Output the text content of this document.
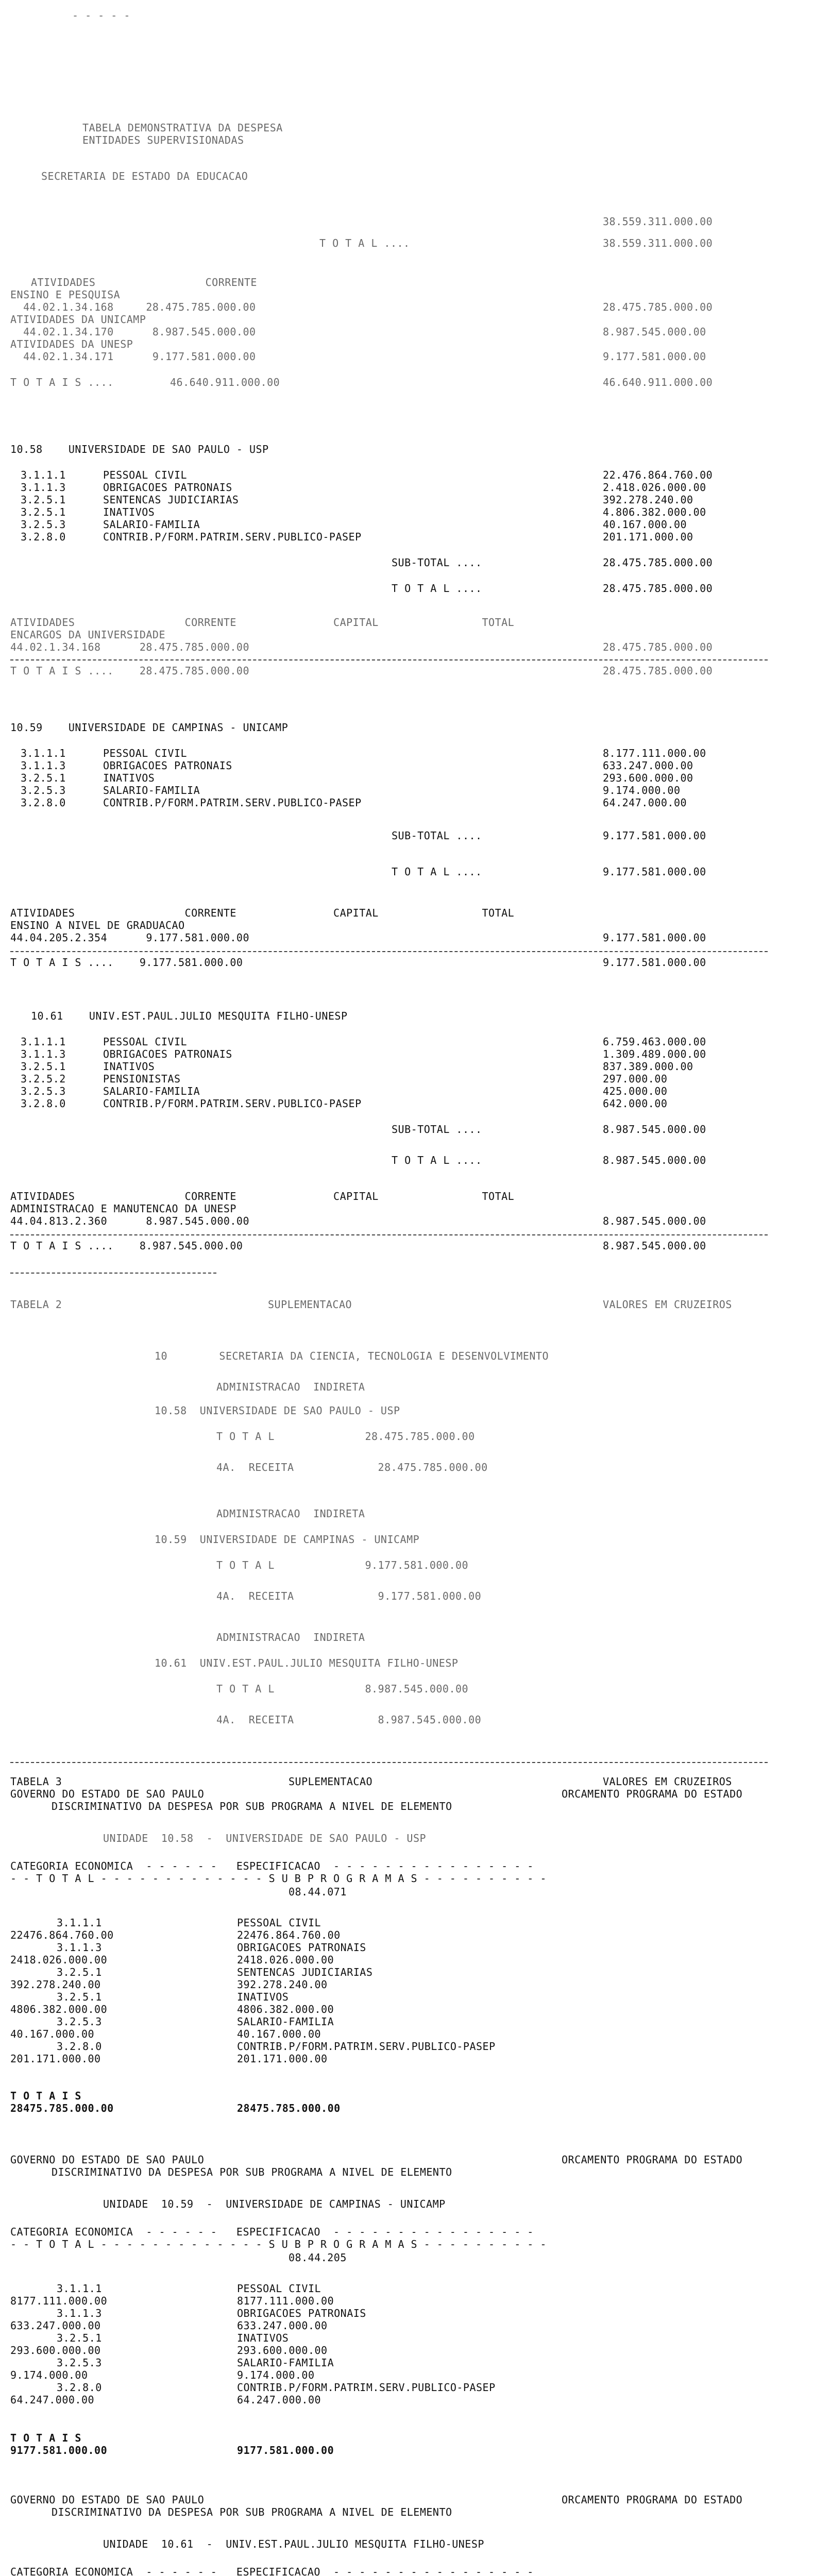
- - - - -
TABELA DEMONSTRATIVA DA DESPESA
ENTIDADES SUPERVISIONADAS
SECRETARIA DE ESTADO DA EDUCACAO
38.559.311.000.00
T O T A L ....	38.559.311.000.00
ATIVIDADES                 CORRENTE
ENSINO E PESQUISA
44.02.1.34.168     28.475.785.000.00	28.475.785.000.00
ATIVIDADES DA UNICAMP
44.02.1.34.170      8.987.545.000.00	8.987.545.000.00
ATIVIDADES DA UNESP
44.02.1.34.171      9.177.581.000.00	9.177.581.000.00
T O T A I S ....	46.640.911.000.00	46.640.911.000.00
10.58    UNIVERSIDADE DE SAO PAULO - USP
3.1.1.1	PESSOAL CIVIL	22.476.864.760.00
3.1.1.3	OBRIGACOES PATRONAIS	2.418.026.000.00
3.2.5.1	SENTENCAS JUDICIARIAS	392.278.240.00
3.2.5.1	INATIVOS	4.806.382.000.00
3.2.5.3	SALARIO-FAMILIA	40.167.000.00
3.2.8.0	CONTRIB.P/FORM.PATRIM.SERV.PUBLICO-PASEP	201.171.000.00
SUB-TOTAL ....	28.475.785.000.00
T O T A L ....	28.475.785.000.00
ATIVIDADES                 CORRENTE               CAPITAL                TOTAL
ENCARGOS DA UNIVERSIDADE
44.02.1.34.168      28.475.785.000.00	28.475.785.000.00
T O T A I S ....    28.475.785.000.00	28.475.785.000.00
10.59    UNIVERSIDADE DE CAMPINAS - UNICAMP
3.1.1.1	PESSOAL CIVIL	8.177.111.000.00
3.1.1.3	OBRIGACOES PATRONAIS	633.247.000.00
3.2.5.1	INATIVOS	293.600.000.00
3.2.5.3	SALARIO-FAMILIA	9.174.000.00
3.2.8.0	CONTRIB.P/FORM.PATRIM.SERV.PUBLICO-PASEP	64.247.000.00
SUB-TOTAL ....	9.177.581.000.00
T O T A L ....	9.177.581.000.00
ATIVIDADES                 CORRENTE               CAPITAL                TOTAL
ENSINO A NIVEL DE GRADUACAO
44.04.205.2.354      9.177.581.000.00	9.177.581.000.00
T O T A I S ....    9.177.581.000.00	9.177.581.000.00
10.61    UNIV.EST.PAUL.JULIO MESQUITA FILHO-UNESP
3.1.1.1	PESSOAL CIVIL	6.759.463.000.00
3.1.1.3	OBRIGACOES PATRONAIS	1.309.489.000.00
3.2.5.1	INATIVOS	837.389.000.00
3.2.5.2	PENSIONISTAS	297.000.00
3.2.5.3	SALARIO-FAMILIA	425.000.00
3.2.8.0	CONTRIB.P/FORM.PATRIM.SERV.PUBLICO-PASEP	642.000.00
SUB-TOTAL ....	8.987.545.000.00
T O T A L ....	8.987.545.000.00
ATIVIDADES                 CORRENTE               CAPITAL                TOTAL
ADMINISTRACAO E MANUTENCAO DA UNESP
44.04.813.2.360      8.987.545.000.00	8.987.545.000.00
T O T A I S ....    8.987.545.000.00	8.987.545.000.00
TABELA 2	SUPLEMENTACAO	VALORES EM CRUZEIROS
10        SECRETARIA DA CIENCIA, TECNOLOGIA E DESENVOLVIMENTO
ADMINISTRACAO  INDIRETA
10.58  UNIVERSIDADE DE SAO PAULO - USP
T O T A L              28.475.785.000.00
4A.  RECEITA             28.475.785.000.00
ADMINISTRACAO  INDIRETA
10.59  UNIVERSIDADE DE CAMPINAS - UNICAMP
T O T A L              9.177.581.000.00
4A.  RECEITA             9.177.581.000.00
ADMINISTRACAO  INDIRETA
10.61  UNIV.EST.PAUL.JULIO MESQUITA FILHO-UNESP
T O T A L              8.987.545.000.00
4A.  RECEITA             8.987.545.000.00
TABELA 3	SUPLEMENTACAO	VALORES EM CRUZEIROS
GOVERNO DO ESTADO DE SAO PAULO	ORCAMENTO PROGRAMA DO ESTADO
DISCRIMINATIVO DA DESPESA POR SUB PROGRAMA A NIVEL DE ELEMENTO
UNIDADE  10.58  -  UNIVERSIDADE DE SAO PAULO - USP
CATEGORIA ECONOMICA  - - - - - -   ESPECIFICACAO  - - - - - - - - - - - - - - - -
- - T O T A L - - - - - - - - - - - - - S U B P R O G R A M A S - - - - - - - - - -
08.44.071
3.1.1.1	PESSOAL CIVIL
22476.864.760.00	22476.864.760.00
3.1.1.3	OBRIGACOES PATRONAIS
2418.026.000.00	2418.026.000.00
3.2.5.1	SENTENCAS JUDICIARIAS
392.278.240.00	392.278.240.00
3.2.5.1	INATIVOS
4806.382.000.00	4806.382.000.00
3.2.5.3	SALARIO-FAMILIA
40.167.000.00	40.167.000.00
3.2.8.0	CONTRIB.P/FORM.PATRIM.SERV.PUBLICO-PASEP
201.171.000.00	201.171.000.00
T O T A I S
28475.785.000.00	28475.785.000.00
GOVERNO DO ESTADO DE SAO PAULO	ORCAMENTO PROGRAMA DO ESTADO
DISCRIMINATIVO DA DESPESA POR SUB PROGRAMA A NIVEL DE ELEMENTO
UNIDADE  10.59  -  UNIVERSIDADE DE CAMPINAS - UNICAMP
CATEGORIA ECONOMICA  - - - - - -   ESPECIFICACAO  - - - - - - - - - - - - - - - -
- - T O T A L - - - - - - - - - - - - - S U B P R O G R A M A S - - - - - - - - - -
08.44.205
3.1.1.1	PESSOAL CIVIL
8177.111.000.00	8177.111.000.00
3.1.1.3	OBRIGACOES PATRONAIS
633.247.000.00	633.247.000.00
3.2.5.1	INATIVOS
293.600.000.00	293.600.000.00
3.2.5.3	SALARIO-FAMILIA
9.174.000.00	9.174.000.00
3.2.8.0	CONTRIB.P/FORM.PATRIM.SERV.PUBLICO-PASEP
64.247.000.00	64.247.000.00
T O T A I S
9177.581.000.00	9177.581.000.00
GOVERNO DO ESTADO DE SAO PAULO	ORCAMENTO PROGRAMA DO ESTADO
DISCRIMINATIVO DA DESPESA POR SUB PROGRAMA A NIVEL DE ELEMENTO
UNIDADE  10.61  -  UNIV.EST.PAUL.JULIO MESQUITA FILHO-UNESP
CATEGORIA ECONOMICA  - - - - - -   ESPECIFICACAO  - - - - - - - - - - - - - - - -
